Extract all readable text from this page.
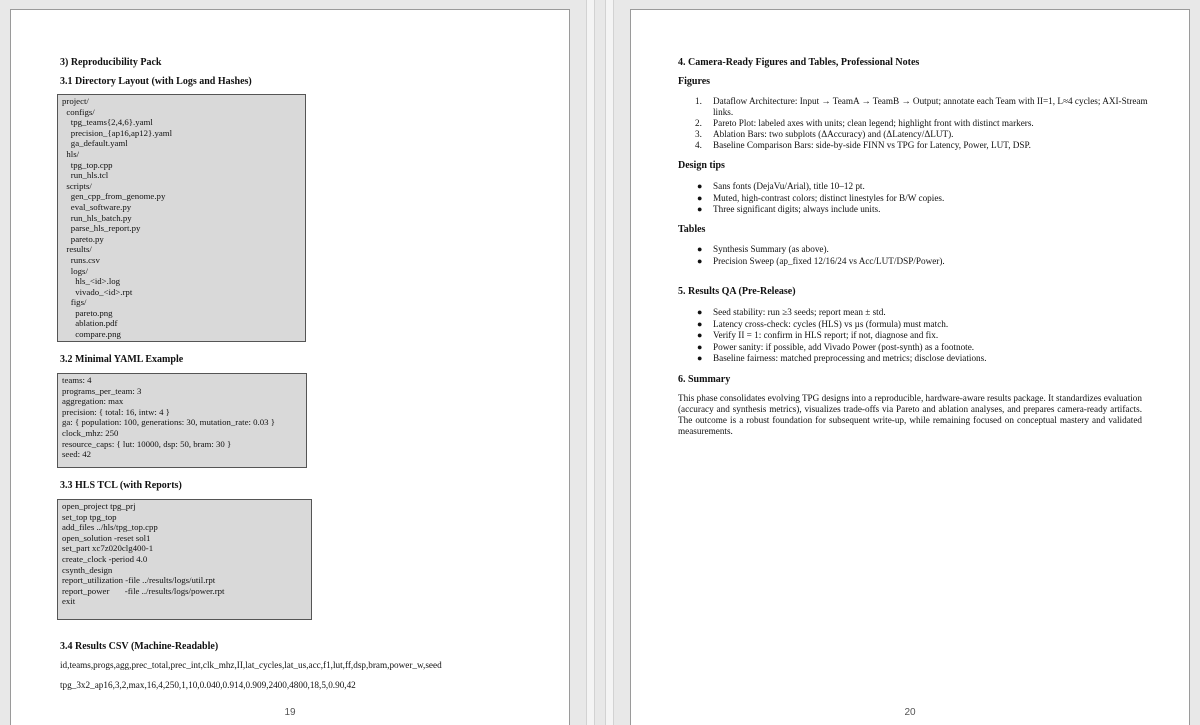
3) Reproducibility Pack
3.1 Directory Layout (with Logs and Hashes)
project/
configs/
tpg_teams{2,4,6}.yaml
precision_{ap16,ap12}.yaml
ga_default.yaml
hls/
tpg_top.cpp
run_hls.tcl
scripts/
gen_cpp_from_genome.py
eval_software.py
run_hls_batch.py
parse_hls_report.py
pareto.py
results/
runs.csv
logs/
hls_<id>.log
vivado_<id>.rpt
figs/
pareto.png
ablation.pdf
compare.png
3.2 Minimal YAML Example
teams: 4
programs_per_team: 3
aggregation: max
precision: { total: 16, intw: 4 }
ga: { population: 100, generations: 30, mutation_rate: 0.03 }
clock_mhz: 250
resource_caps: { lut: 10000, dsp: 50, bram: 30 }
seed: 42
3.3 HLS TCL (with Reports)
open_project tpg_prj
set_top tpg_top
add_files ../hls/tpg_top.cpp
open_solution -reset sol1
set_part xc7z020clg400-1
create_clock -period 4.0
csynth_design
report_utilization -file ../results/logs/util.rpt
report_power       -file ../results/logs/power.rpt
exit
3.4 Results CSV (Machine-Readable)
id,teams,progs,agg,prec_total,prec_int,clk_mhz,II,lat_cycles,lat_us,acc,f1,lut,ff,dsp,bram,power_w,seed
tpg_3x2_ap16,3,2,max,16,4,250,1,10,0.040,0.914,0.909,2400,4800,18,5,0.90,42
19
4. Camera-Ready Figures and Tables, Professional Notes
Figures
1. Dataflow Architecture: Input → TeamA → TeamB → Output; annotate each Team with II=1, L≈4 cycles; AXI-Stream links.
2. Pareto Plot: labeled axes with units; clean legend; highlight front with distinct markers.
3. Ablation Bars: two subplots (ΔAccuracy) and (ΔLatency/ΔLUT).
4. Baseline Comparison Bars: side-by-side FINN vs TPG for Latency, Power, LUT, DSP.
Design tips
● Sans fonts (DejaVu/Arial), title 10–12 pt.
● Muted, high-contrast colors; distinct linestyles for B/W copies.
● Three significant digits; always include units.
Tables
● Synthesis Summary (as above).
● Precision Sweep (ap_fixed 12/16/24 vs Acc/LUT/DSP/Power).
5. Results QA (Pre-Release)
● Seed stability: run ≥3 seeds; report mean ± std.
● Latency cross-check: cycles (HLS) vs µs (formula) must match.
● Verify II = 1: confirm in HLS report; if not, diagnose and fix.
● Power sanity: if possible, add Vivado Power (post-synth) as a footnote.
● Baseline fairness: matched preprocessing and metrics; disclose deviations.
6. Summary
This phase consolidates evolving TPG designs into a reproducible, hardware-aware results package. It standardizes evaluation (accuracy and synthesis metrics), visualizes trade-offs via Pareto and ablation analyses, and prepares camera-ready artifacts. The outcome is a robust foundation for subsequent write-up, while remaining focused on conceptual mastery and validated measurements.
20
